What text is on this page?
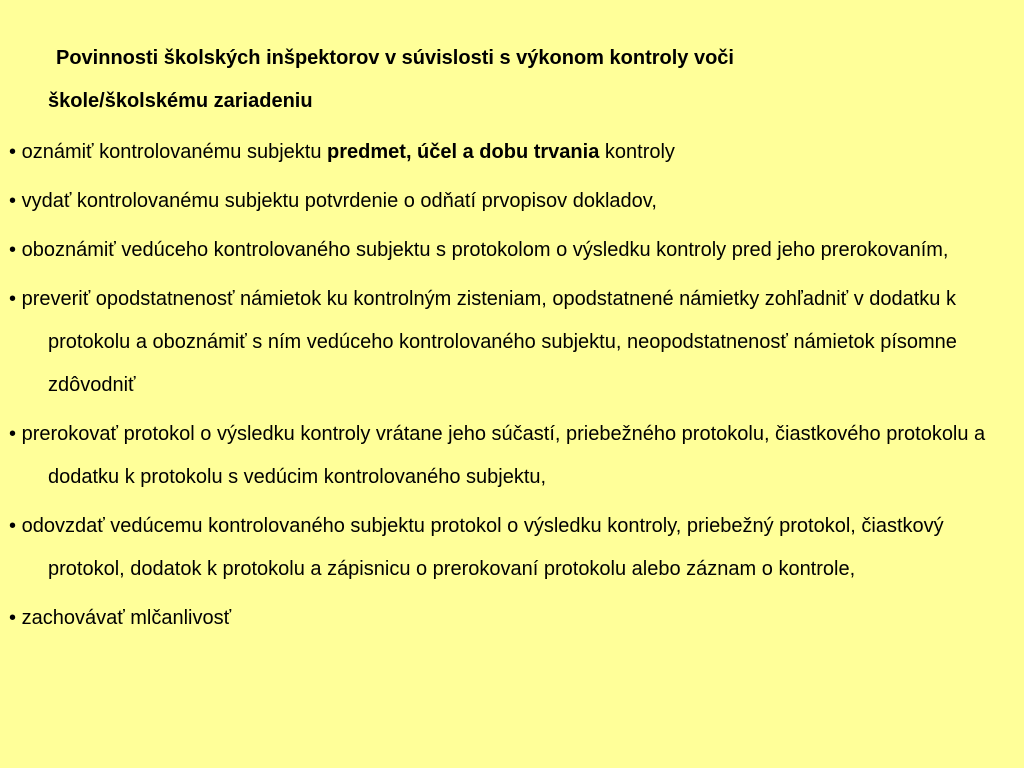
Povinnosti školských inšpektorov v súvislosti s výkonom kontroly voči
škole/školskému zariadeniu
• oznámiť kontrolovanému subjektu predmet, účel a dobu trvania kontroly
• vydať kontrolovanému subjektu potvrdenie o odňatí prvopisov dokladov,
• oboznámiť vedúceho kontrolovaného subjektu s protokolom o výsledku kontroly pred jeho prerokovaním,
• preveriť opodstatnenosť námietok ku kontrolným zisteniam, opodstatnené námietky zohľadniť v dodatku k protokolu a oboznámiť s ním vedúceho kontrolovaného subjektu, neopodstatnenosť námietok písomne zdôvodniť
• prerokovať protokol o výsledku kontroly vrátane jeho súčastí, priebežného protokolu, čiastkového protokolu a dodatku k protokolu s vedúcim kontrolovaného subjektu,
• odovzdať vedúcemu kontrolovaného subjektu protokol o výsledku kontroly, priebežný protokol, čiastkový protokol, dodatok k protokolu a zápisnicu o prerokovaní protokolu alebo záznam o kontrole,
• zachovávať mlčanlivosť
